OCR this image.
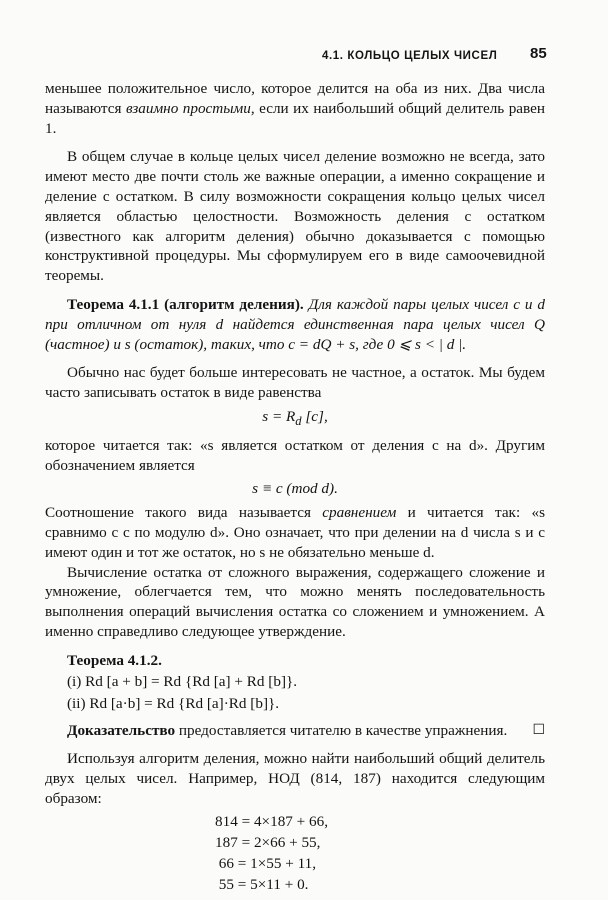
4.1. КОЛЬЦО ЦЕЛЫХ ЧИСЕЛ 85

меньшее положительное число, которое делится на оба из них. Два числа называются взаимно простыми, если их наибольший общий делитель равен 1.

В общем случае в кольце целых чисел деление возможно не всегда, зато имеют место две почти столь же важные операции, а именно сокращение и деление с остатком. В силу возможности сокращения кольцо целых чисел является областью целостности. Возможность деления с остатком (известного как алгоритм деления) обычно доказывается с помощью конструктивной процедуры. Мы сформулируем его в виде самоочевидной теоремы.

Теорема 4.1.1 (алгоритм деления). Для каждой пары целых чисел c и d при отличном от нуля d найдется единственная пара целых чисел Q (частное) и s (остаток), таких, что c = dQ + s, где 0 ⩽ s < | d |.

Обычно нас будет больше интересовать не частное, а остаток. Мы будем часто записывать остаток в виде равенства

$s = R_d$ [c],

которое читается так: «s является остатком от деления c на d». Другим обозначением является

s ≡ c (mod d).

Соотношение такого вида называется сравнением и читается так: «s сравнимо с c по модулю d». Оно означает, что при делении на d числа s и c имеют один и тот же остаток, но s не обязательно меньше d.

Вычисление остатка от сложного выражения, содержащего сложение и умножение, облегчается тем, что можно менять последовательность выполнения операций вычисления остатка со сложением и умножением. А именно справедливо следующее утверждение.

Теорема 4.1.2.

(i) Rd [a + b] = Rd {Rd [a] + Rd [b]}.
(ii) Rd [a·b] = Rd {Rd [a]·Rd [b]}.

Доказательство предоставляется читателю в качестве упражнения.	☐

Используя алгоритм деления, можно найти наибольший общий делитель двух целых чисел. Например, НОД (814, 187) находится следующим образом:

814 = 4×187 + 66,
187 = 2×66 + 55,
66 = 1×55 + 11,
55 = 5×11 + 0.
